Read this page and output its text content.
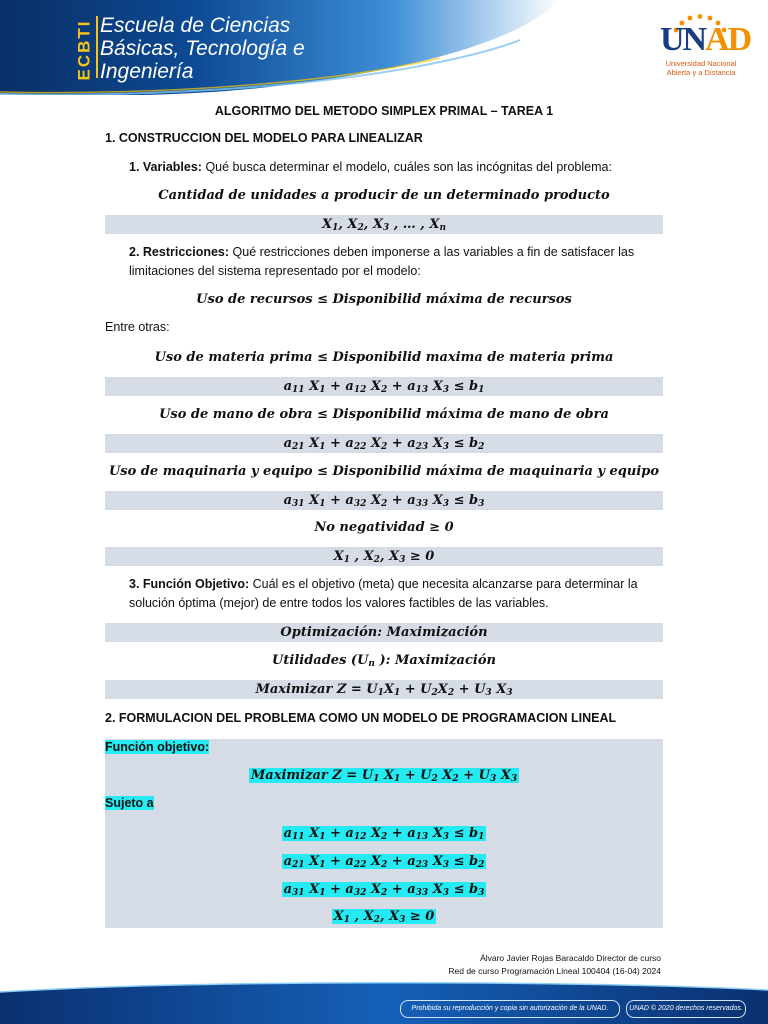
ECBTI Escuela de Ciencias
Básicas, Tecnología e
Ingeniería
UNAD
Universidad Nacional
Abierta y a Distancia
ALGORITMO DEL METODO SIMPLEX PRIMAL – TAREA 1
1. CONSTRUCCION DEL MODELO PARA LINEALIZAR
1. Variables: Qué busca determinar el modelo, cuáles son las incógnitas del problema:
Cantidad de unidades a producir de un determinado producto
$X_1$, $X_2$, $X_3$ , … , $X_n$
2. Restricciones: Qué restricciones deben imponerse a las variables a fin de satisfacer las limitaciones del sistema representado por el modelo:
Uso de recursos ≤ Disponibilid máxima de recursos
Entre otras:
Uso de materia prima ≤ Disponibilid maxima de materia prima
$a_{11}$ $X_1 + a_{12}$ $X_2 + a_{13}$ $X_3 \le b_1$
Uso de mano de obra ≤ Disponibilid máxima de mano de obra
$a_{21}$ $X_1 + a_{22}$ $X_2 + a_{23}$ $X_3 \le b_2$
Uso de maquinaria y equipo ≤ Disponibilid máxima de maquinaria y equipo
$a_{31}$ $X_1 + a_{32}$ $X_2 + a_{33}$ $X_3 \le b_3$
No negatividad ≥ 0
$X_1$ , $X_2$, $X_3 \ge 0$
3. Función Objetivo: Cuál es el objetivo (meta) que necesita alcanzarse para determinar la solución óptima (mejor) de entre todos los valores factibles de las variables.
Optimización: Maximización
Utilidades ($U_n$ ): Maximización
Maximizar $Z = U_1X_1 + U_2X_2 + U_3$ $X_3$
2. FORMULACION DEL PROBLEMA COMO UN MODELO DE PROGRAMACION LINEAL
Función objetivo:
Maximizar $Z = U_1$ $X_1 + U_2$ $X_2 + U_3$ $X_3$
Sujeto a
$a_{11}$ $X_1 + a_{12}$ $X_2 + a_{13}$ $X_3 \le b_1$
$a_{21}$ $X_1 + a_{22}$ $X_2 + a_{23}$ $X_3 \le b_2$
$a_{31}$ $X_1 + a_{32}$ $X_2 + a_{33}$ $X_3 \le b_3$
$X_1$ , $X_2$, $X_3 \ge 0$
Álvaro Javier Rojas Baracaldo Director de curso
Red de curso Programación Lineal 100404 (16-04) 2024
Prohibida su reproducción y copia sin autorización de la UNAD.	UNAD © 2020 derechos reservados.
